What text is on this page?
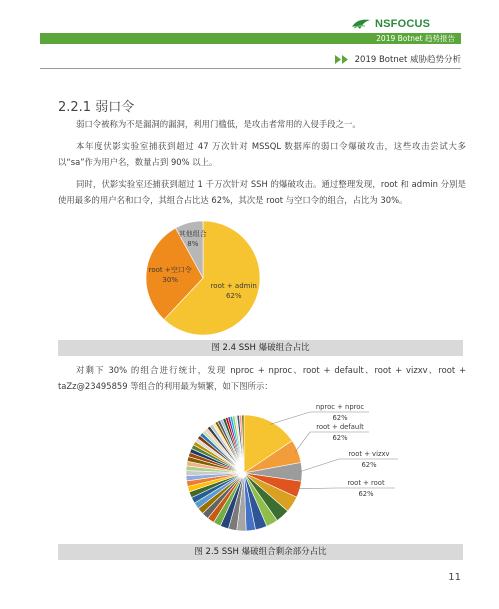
NSFOCUS
2019 Botnet 趋势报告
2019 Botnet 威胁趋势分析
2.2.1 弱口令
弱口令被称为不是漏洞的漏洞，利用门槛低，是攻击者常用的入侵手段之一。
本年度伏影实验室捕获到超过 47 万次针对 MSSQL 数据库的弱口令爆破攻击，这些攻击尝试大多以“sa”作为用户名，数量占到 90% 以上。
同时，伏影实验室还捕获到超过 1 千万次针对 SSH 的爆破攻击。通过整理发现，root 和 admin 分别是使用最多的用户名和口令，其组合占比达 62%，其次是 root 与空口令的组合，占比为 30%。
root + admin
62%
root +空口令
30%
其他组合
8%
图 2.4 SSH 爆破组合占比
对剩下 30% 的组合进行统计，发现 nproc + nproc、root + default、root + vizxv、root + taZz@23495859 等组合的利用最为频繁，如下图所示：
nproc + nproc
62%
root + default
62%
root + vizxv
62%
root + root
62%
图 2.5 SSH 爆破组合剩余部分占比
11
